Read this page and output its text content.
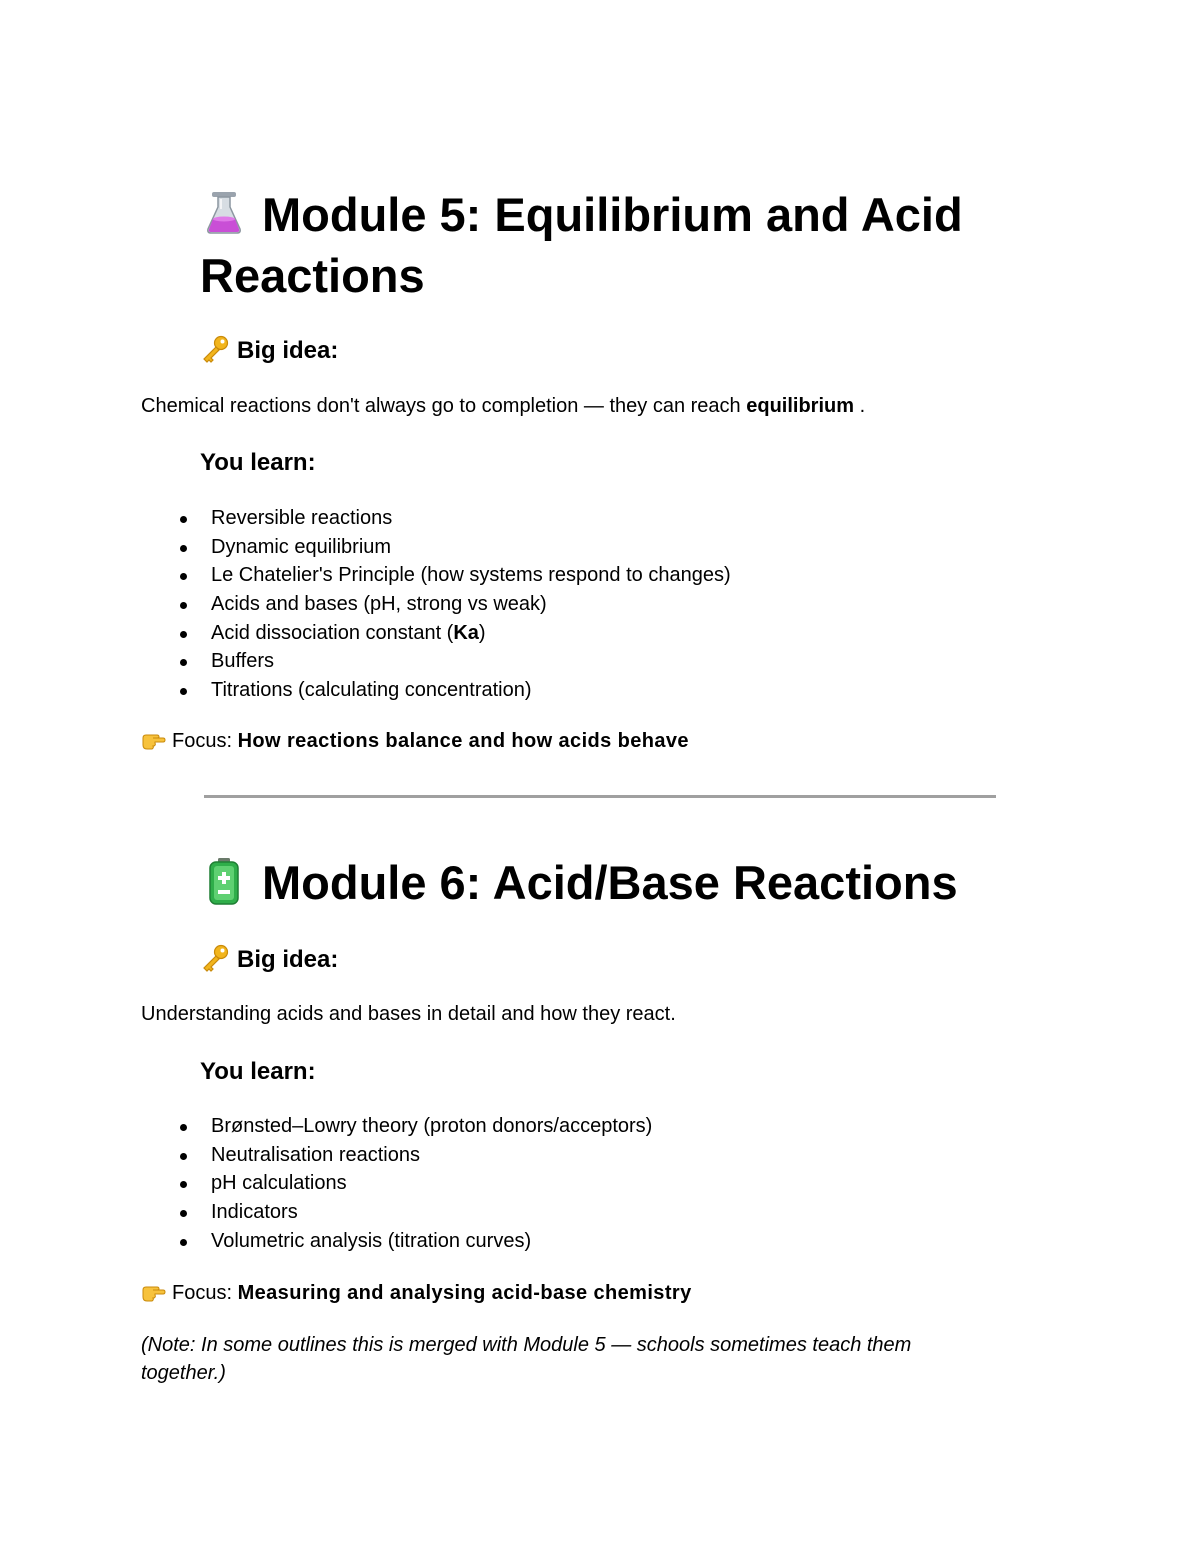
Module 5: Equilibrium and Acid Reactions
Big idea:
Chemical reactions don't always go to completion — they can reach equilibrium .
You learn:
Reversible reactions
Dynamic equilibrium
Le Chatelier's Principle (how systems respond to changes)
Acids and bases (pH, strong vs weak)
Acid dissociation constant (Ka)
Buffers
Titrations (calculating concentration)
Focus: How reactions balance and how acids behave
Module 6: Acid/Base Reactions
Big idea:
Understanding acids and bases in detail and how they react.
You learn:
Brønsted–Lowry theory (proton donors/acceptors)
Neutralisation reactions
pH calculations
Indicators
Volumetric analysis (titration curves)
Focus: Measuring and analysing acid-base chemistry
(Note: In some outlines this is merged with Module 5 — schools sometimes teach them together.)
